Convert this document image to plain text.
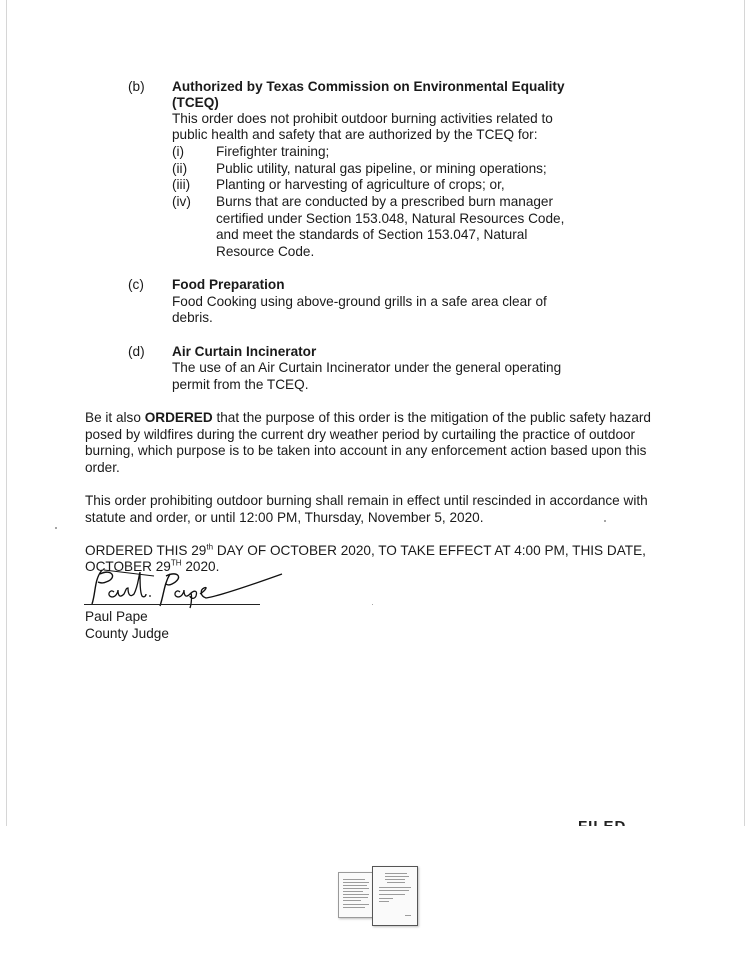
(b) Authorized by Texas Commission on Environmental Equality
(TCEQ)
This order does not prohibit outdoor burning activities related to
public health and safety that are authorized by the TCEQ for:
(i) Firefighter training;
(ii) Public utility, natural gas pipeline, or mining operations;
(iii) Planting or harvesting of agriculture of crops; or,
(iv) Burns that are conducted by a prescribed burn manager
certified under Section 153.048, Natural Resources Code,
and meet the standards of Section 153.047, Natural
Resource Code.
(c) Food Preparation
Food Cooking using above-ground grills in a safe area clear of
debris.
(d) Air Curtain Incinerator
The use of an Air Curtain Incinerator under the general operating
permit from the TCEQ.
Be it also ORDERED that the purpose of this order is the mitigation of the public safety hazard
posed by wildfires during the current dry weather period by curtailing the practice of outdoor
burning, which purpose is to be taken into account in any enforcement action based upon this
order.
This order prohibiting outdoor burning shall remain in effect until rescinded in accordance with
statute and order, or until 12:00 PM, Thursday, November 5, 2020.
ORDERED THIS 29th DAY OF OCTOBER 2020, TO TAKE EFFECT AT 4:00 PM, THIS DATE,
OCTOBER 29TH 2020.
Paul Pape
County Judge
